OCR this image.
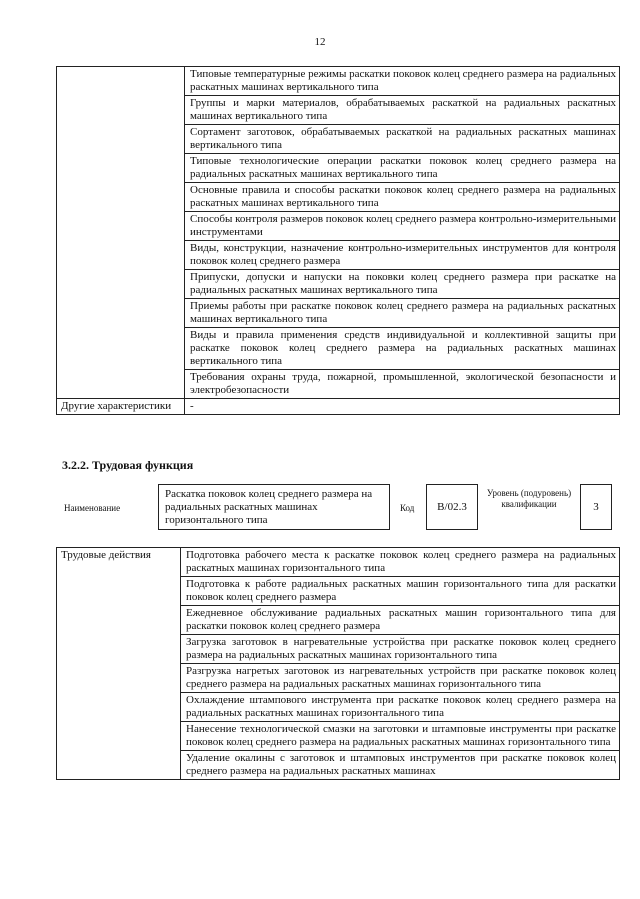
12
	Типовые температурные режимы раскатки поковок колец среднего размера на радиальных раскатных машинах вертикального типа
	Группы и марки материалов, обрабатываемых раскаткой на радиальных раскатных машинах вертикального типа
	Сортамент заготовок, обрабатываемых раскаткой на радиальных раскатных машинах вертикального типа
	Типовые технологические операции раскатки поковок колец среднего размера на радиальных раскатных машинах вертикального типа
	Основные правила и способы раскатки поковок колец среднего размера на радиальных раскатных машинах вертикального типа
	Способы контроля размеров поковок колец среднего размера контрольно-измерительными инструментами
	Виды, конструкции, назначение контрольно-измерительных инструментов для контроля поковок колец среднего размера
	Припуски, допуски и напуски на поковки колец среднего размера при раскатке на радиальных раскатных машинах вертикального типа
	Приемы работы при раскатке поковок колец среднего размера на радиальных раскатных машинах вертикального типа
	Виды и правила применения средств индивидуальной и коллективной защиты при раскатке поковок колец среднего размера на радиальных раскатных машинах вертикального типа
	Требования охраны труда, пожарной, промышленной, экологической безопасности и электробезопасности
Другие характеристики	-
3.2.2. Трудовая функция
Наименование
Раскатка поковок колец среднего размера на радиальных раскатных машинах горизонтального типа
Код B/02.3
Уровень (подуровень) квалификации	3
Трудовые действия	Подготовка рабочего места к раскатке поковок колец среднего размера на радиальных раскатных машинах горизонтального типа
Подготовка к работе радиальных раскатных машин горизонтального типа для раскатки поковок колец среднего размера
Ежедневное обслуживание радиальных раскатных машин горизонтального типа для раскатки поковок колец среднего размера
Загрузка заготовок в нагревательные устройства при раскатке поковок колец среднего размера на радиальных раскатных машинах горизонтального типа
Разгрузка нагретых заготовок из нагревательных устройств при раскатке поковок колец среднего размера на радиальных раскатных машинах горизонтального типа
Охлаждение штампового инструмента при раскатке поковок колец среднего размера на радиальных раскатных машинах горизонтального типа
Нанесение технологической смазки на заготовки и штамповые инструменты при раскатке поковок колец среднего размера на радиальных раскатных машинах горизонтального типа
Удаление окалины с заготовок и штамповых инструментов при раскатке поковок колец среднего размера на радиальных раскатных машинах
